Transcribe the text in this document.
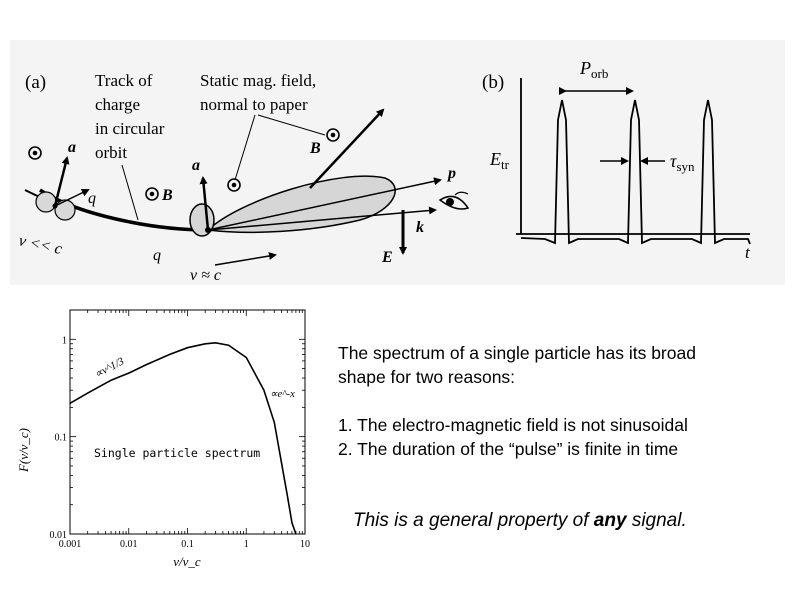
(a)	Track of charge in circular orbit
Static mag. field, normal to paper
B
B
a
q
v << c
a
q
v ≈ c
p
k
E
(b)
$P_{orb}$
$E_{tr}$	$\tau_{syn}$
t
0.001	0.01	0.1	1	10
0.01
0.1
1
F(ν/ν_c)
ν/ν_c
∝ν^1/3
∝e^-x
Single particle spectrum

The spectrum of a single particle has its broad

shape for two reasons:

1. The electro-magnetic field is not sinusoidal

2. The duration of the “pulse” is finite in time

This is a general property of any signal.
